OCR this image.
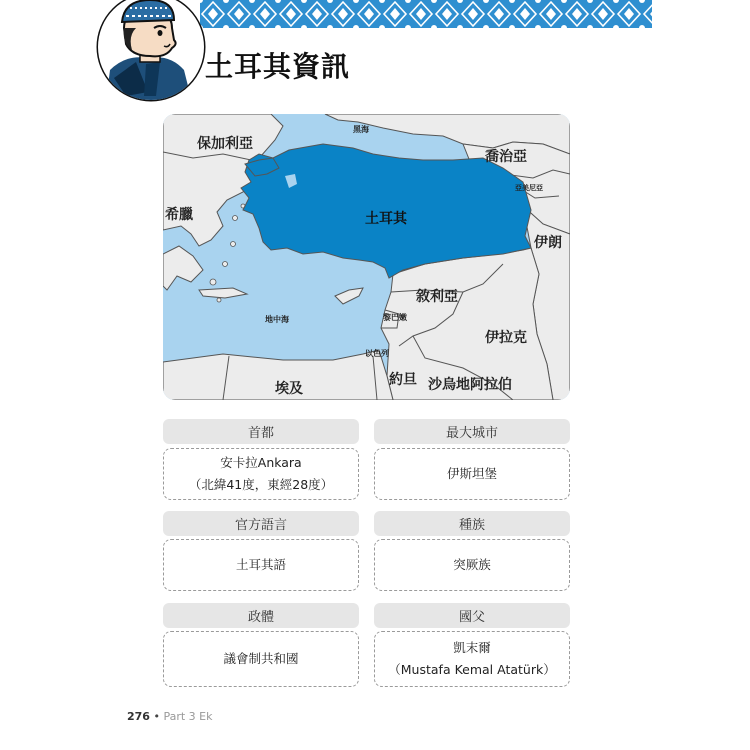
土耳其資訊
黑海
保加利亞
喬治亞
亞美尼亞
希臘	土耳其
伊朗
敘利亞
地中海	黎巴嫩
伊拉克
以色列
約旦
埃及	沙烏地阿拉伯
首都
安卡拉Ankara
（北緯41度，東經28度）
最大城市
伊斯坦堡
官方語言
土耳其語
種族
突厥族
政體
議會制共和國
國父
凱末爾
（Mustafa Kemal Atatürk）
276 • Part 3 Ek
